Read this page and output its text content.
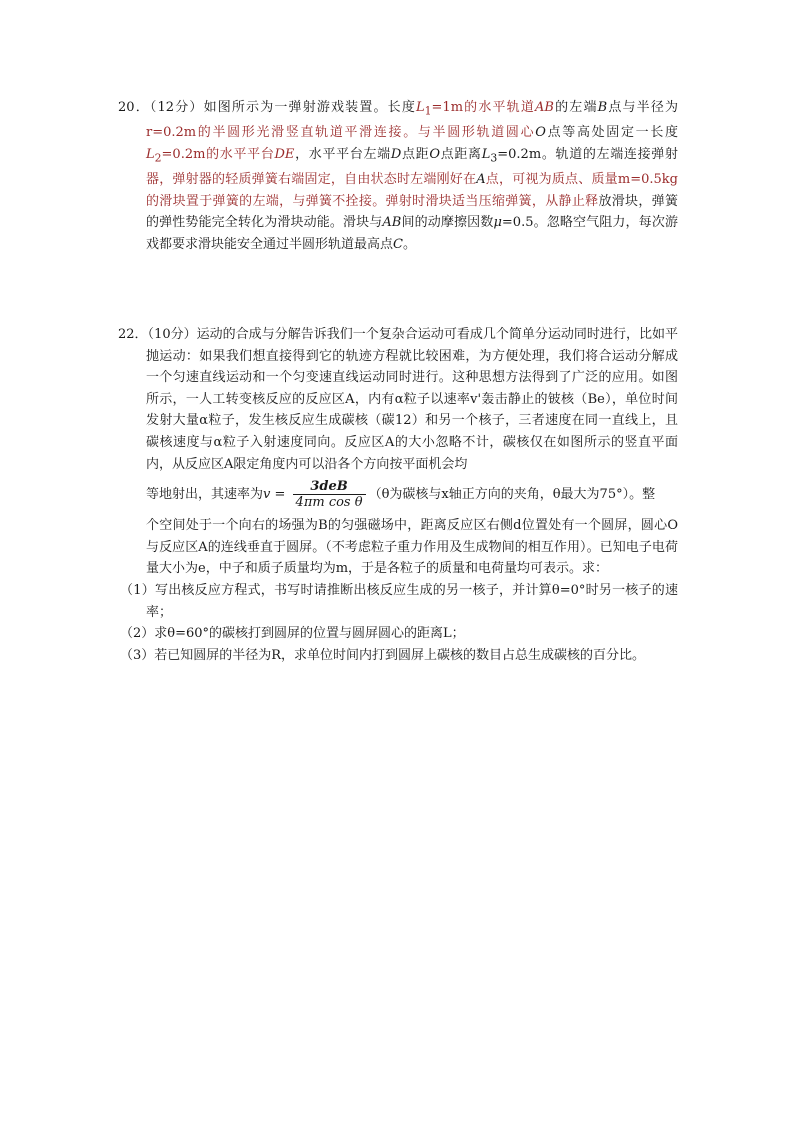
20．（12分）如图所示为一弹射游戏装置。长度$L_1=1m$的水平轨道AB的左端B点与半径为r=0.2m的半圆形光滑竖直轨道平滑连接。与半圆形轨道圆心O点等高处固定一长度$L_2=0.2m$的水平平台DE，水平平台左端D点距O点距离$L_3=0.2m$。轨道的左端连接弹射器，弹射器的轻质弹簧右端固定，自由状态时左端刚好在A点，可视为质点、质量m=0.5kg的滑块置于弹簧的左端，与弹簧不拴接。弹射时滑块适当压缩弹簧，从静止释放滑块，弹簧的弹性势能完全转化为滑块动能。滑块与AB间的动摩擦因数μ=0.5。忽略空气阻力，每次游戏都要求滑块能安全通过半圆形轨道最高点C。

22．（10分）运动的合成与分解告诉我们一个复杂合运动可看成几个简单分运动同时进行，比如平抛运动：如果我们想直接得到它的轨迹方程就比较困难，为方便处理，我们将合运动分解成一个匀速直线运动和一个匀变速直线运动同时进行。这种思想方法得到了广泛的应用。如图所示，一人工转变核反应的反应区A，内有α粒子以速率v'轰击静止的铍核（Be），单位时间发射大量α粒子，发生核反应生成碳核（碳12）和另一个核子，三者速度在同一直线上，且碳核速度与α粒子入射速度同向。反应区A的大小忽略不计，碳核仅在如图所示的竖直平面内，从反应区A限定角度内可以沿各个方向按平面机会均

等地射出，其速率为$v = \frac{\text{3deB}}{\text{4πm cos θ}} (\theta$为碳核与x轴正方向的夹角，θ最大为75°）。整

个空间处于一个向右的场强为B的匀强磁场中，距离反应区右侧d位置处有一个圆屏，圆心O与反应区A的连线垂直于圆屏。（不考虑粒子重力作用及生成物间的相互作用）。已知电子电荷量大小为e，中子和质子质量均为m，于是各粒子的质量和电荷量均可表示。求：

（1）写出核反应方程式，书写时请推断出核反应生成的另一核子，并计算θ=0°时另一核子的速率；

（2）求θ=60°的碳核打到圆屏的位置与圆屏圆心的距离L；

（3）若已知圆屏的半径为R，求单位时间内打到圆屏上碳核的数目占总生成碳核的百分比。
